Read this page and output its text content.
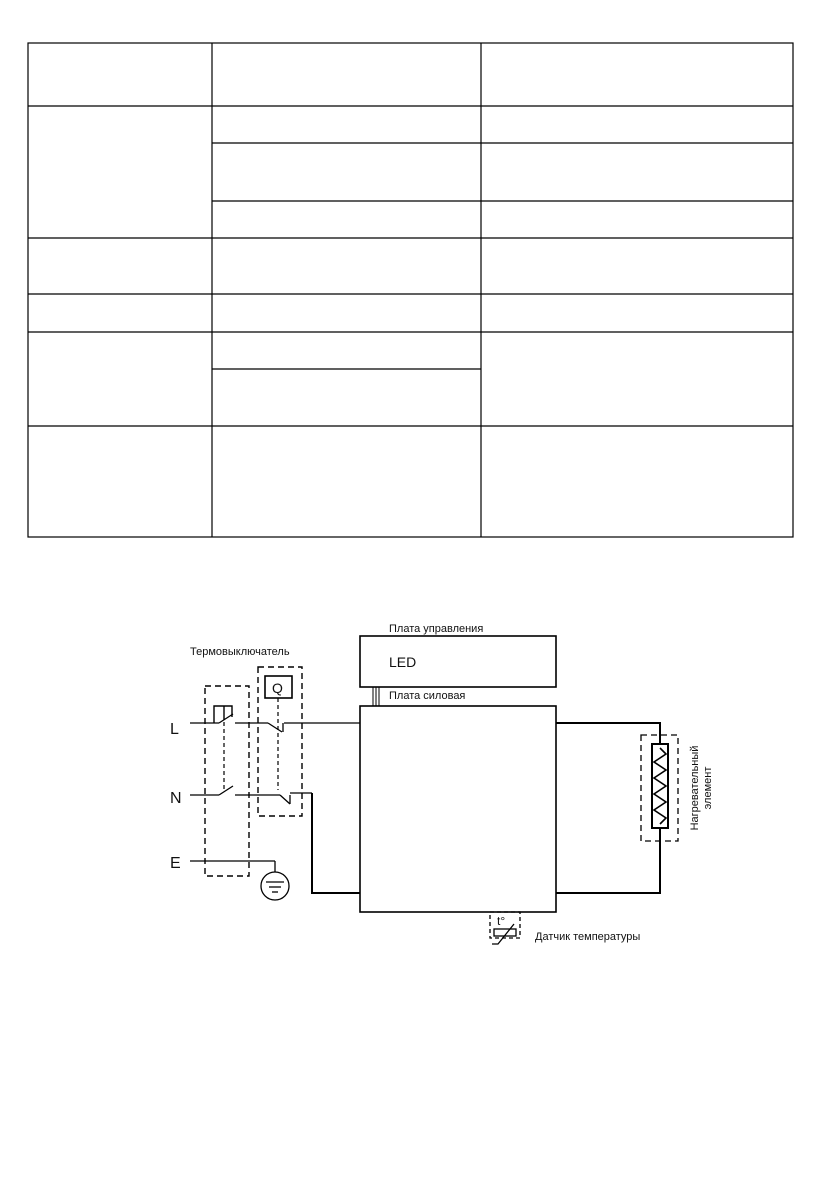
Плата управления
LED
Плата силовая
Термовыключатель
Q
L
N
E
Нагревательный элемент
t°
Датчик температуры
